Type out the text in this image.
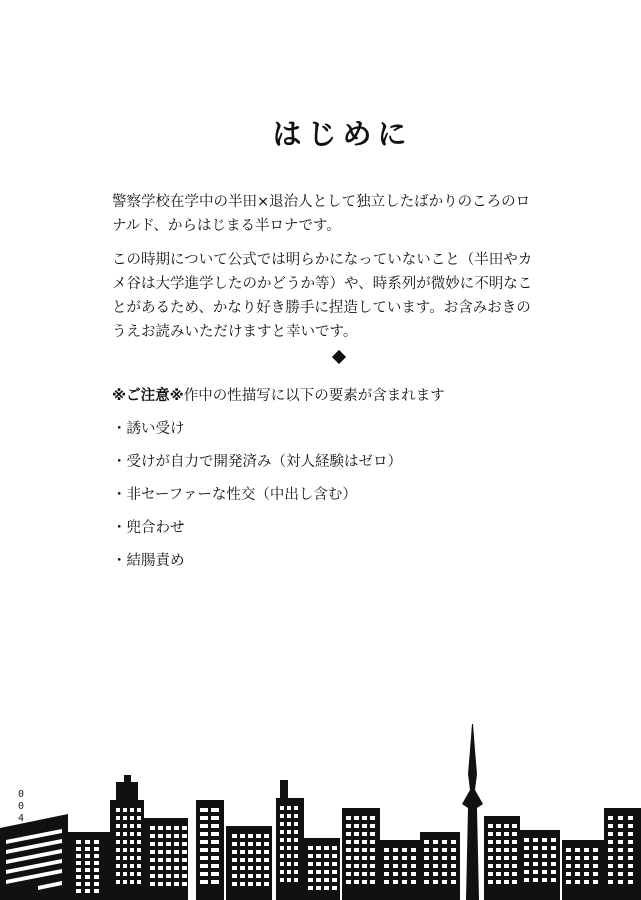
はじめに

警察学校在学中の半田×退治人として独立したばかりのころのロナルド、からはじまる半ロナです。

この時期について公式では明らかになっていないこと（半田やカメ谷は大学進学したのかどうか等）や、時系列が微妙に不明なことがあるため、かなり好き勝手に捏造しています。お含みおきのうえお読みいただけますと幸いです。

※ご注意※作中の性描写に以下の要素が含まれます

・誘い受け
・受けが自力で開発済み（対人経験はゼロ）
・非セーファーな性交（中出し含む）
・兜合わせ
・結腸責め
0
0
4
